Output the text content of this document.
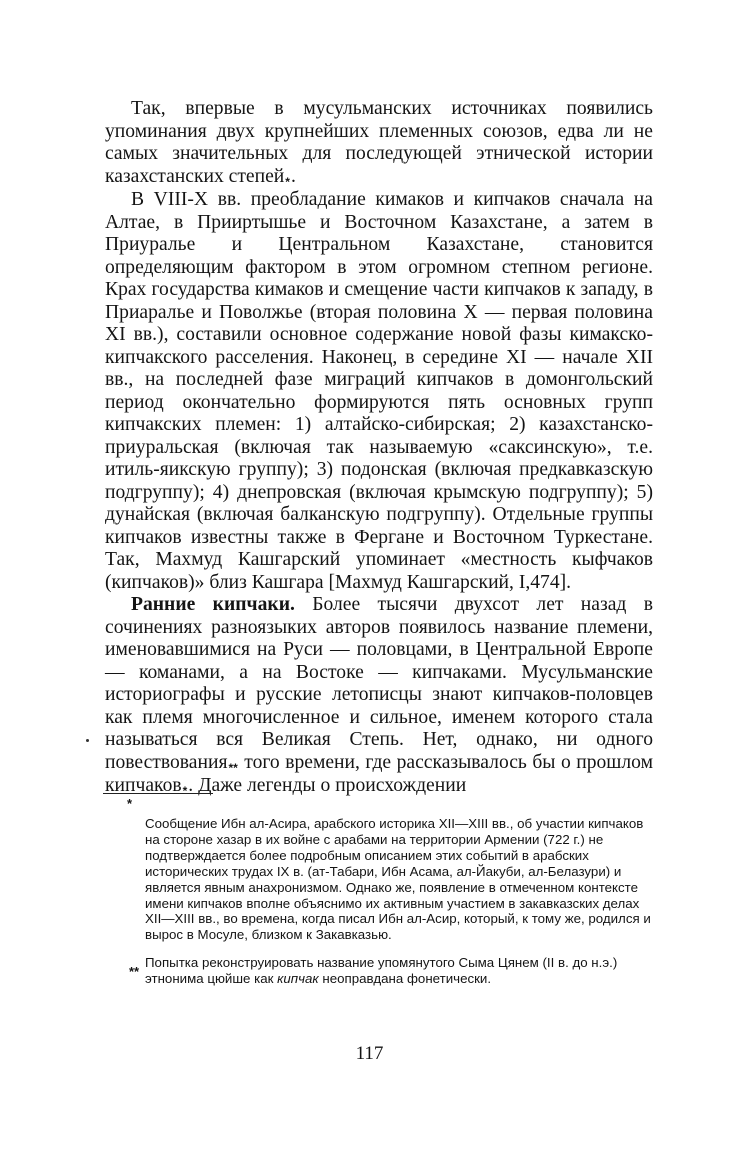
Так, впервые в мусульманских источниках появились упоминания двух крупнейших племенных союзов, едва ли не самых значительных для последующей этнической истории казахстанских степей$_*$.

В VIII-X вв. преобладание кимаков и кипчаков сначала на Алтае, в Прииртышье и Восточном Казахстане, а затем в Приуралье и Центральном Казахстане, становится определяющим фактором в этом огромном степном регионе. Крах государства кимаков и смещение части кипчаков к западу, в Приаралье и Поволжье (вторая половина X — первая половина XI вв.), составили основное содержание новой фазы кимакско-кипчакского расселения. Наконец, в середине XI — начале XII вв., на последней фазе миграций кипчаков в домонгольский период окончательно формируются пять основных групп кипчакских племен: 1) алтайско-сибирская; 2) казахстанско-приуральская (включая так называемую «саксинскую», т.е. итиль-яикскую группу); 3) подонская (включая предкавказскую подгруппу); 4) днепровская (включая крымскую подгруппу); 5) дунайская (включая балканскую подгруппу). Отдельные группы кипчаков известны также в Фергане и Восточном Туркестане. Так, Махмуд Кашгарский упоминает «местность кыфчаков (кипчаков)» близ Кашгара [Махмуд Кашгарский, I,474].

Ранние кипчаки. Более тысячи двухсот лет назад в сочинениях разноязыких авторов появилось название племени, именовавшимися на Руси — половцами, в Центральной Европе — команами, а на Востоке — кипчаками. Мусульманские историографы и русские летописцы знают кипчаков-половцев как племя многочисленное и сильное, именем которого стала называться вся Великая Степь. Нет, однако, ни одного повествования$_{**}$ того времени, где рассказывалось бы о прошлом кипчаков$_*$. Даже легенды о происхождении

*
**

Сообщение Ибн ал-Асира, арабского историка XII—XIII вв., об участии кипчаков на стороне хазар в их войне с арабами на территории Армении (722 г.) не подтверждается более подробным описанием этих событий в арабских исторических трудах IX в. (ат-Табари, Ибн Асама, ал-Йакуби, ал-Белазури) и является явным анахронизмом. Однако же, появление в отмеченном контексте имени кипчаков вполне объяснимо их активным участием в закавказских делах XII—XIII вв., во времена, когда писал Ибн ал-Асир, который, к тому же, родился и вырос в Мосуле, близком к Закавказью.

Попытка реконструировать название упомянутого Сыма Цянем (II в. до н.э.) этнонима цюйше как кипчак неоправдана фонетически.

117
